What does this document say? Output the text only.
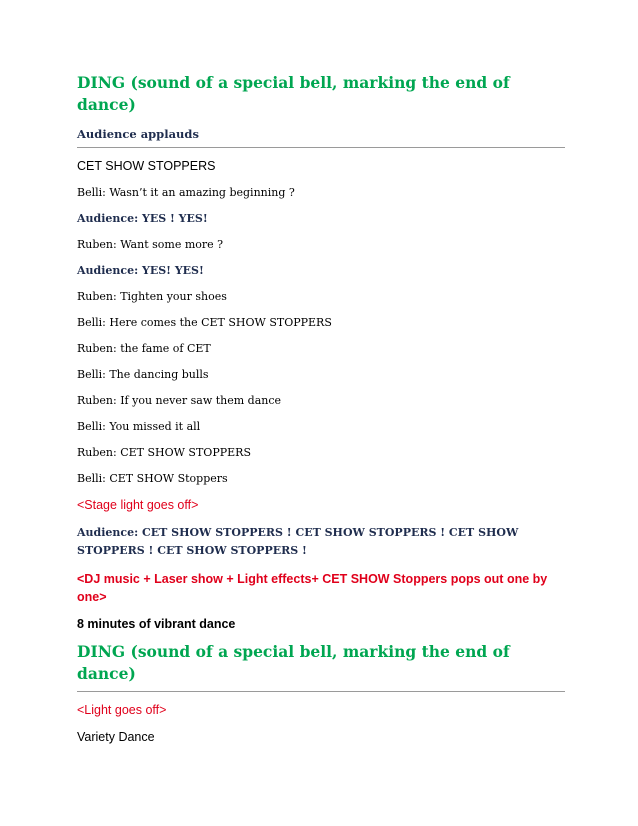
DING (sound of a special bell, marking the end of dance)

Audience applauds

CET SHOW STOPPERS

Belli: Wasn’t it an amazing beginning ?

Audience: YES ! YES!

Ruben: Want some more ?

Audience: YES! YES!

Ruben: Tighten your shoes

Belli: Here comes the CET SHOW STOPPERS

Ruben: the fame of CET

Belli: The dancing bulls

Ruben: If you never saw them dance

Belli: You missed it all

Ruben: CET SHOW STOPPERS

Belli: CET SHOW Stoppers

<Stage light goes off>

Audience: CET SHOW STOPPERS ! CET SHOW STOPPERS ! CET SHOW STOPPERS ! CET SHOW STOPPERS !

<DJ music + Laser show + Light effects+ CET SHOW Stoppers pops out one by one>

8 minutes of vibrant dance

DING (sound of a special bell, marking the end of dance)

<Light goes off>

Variety Dance
